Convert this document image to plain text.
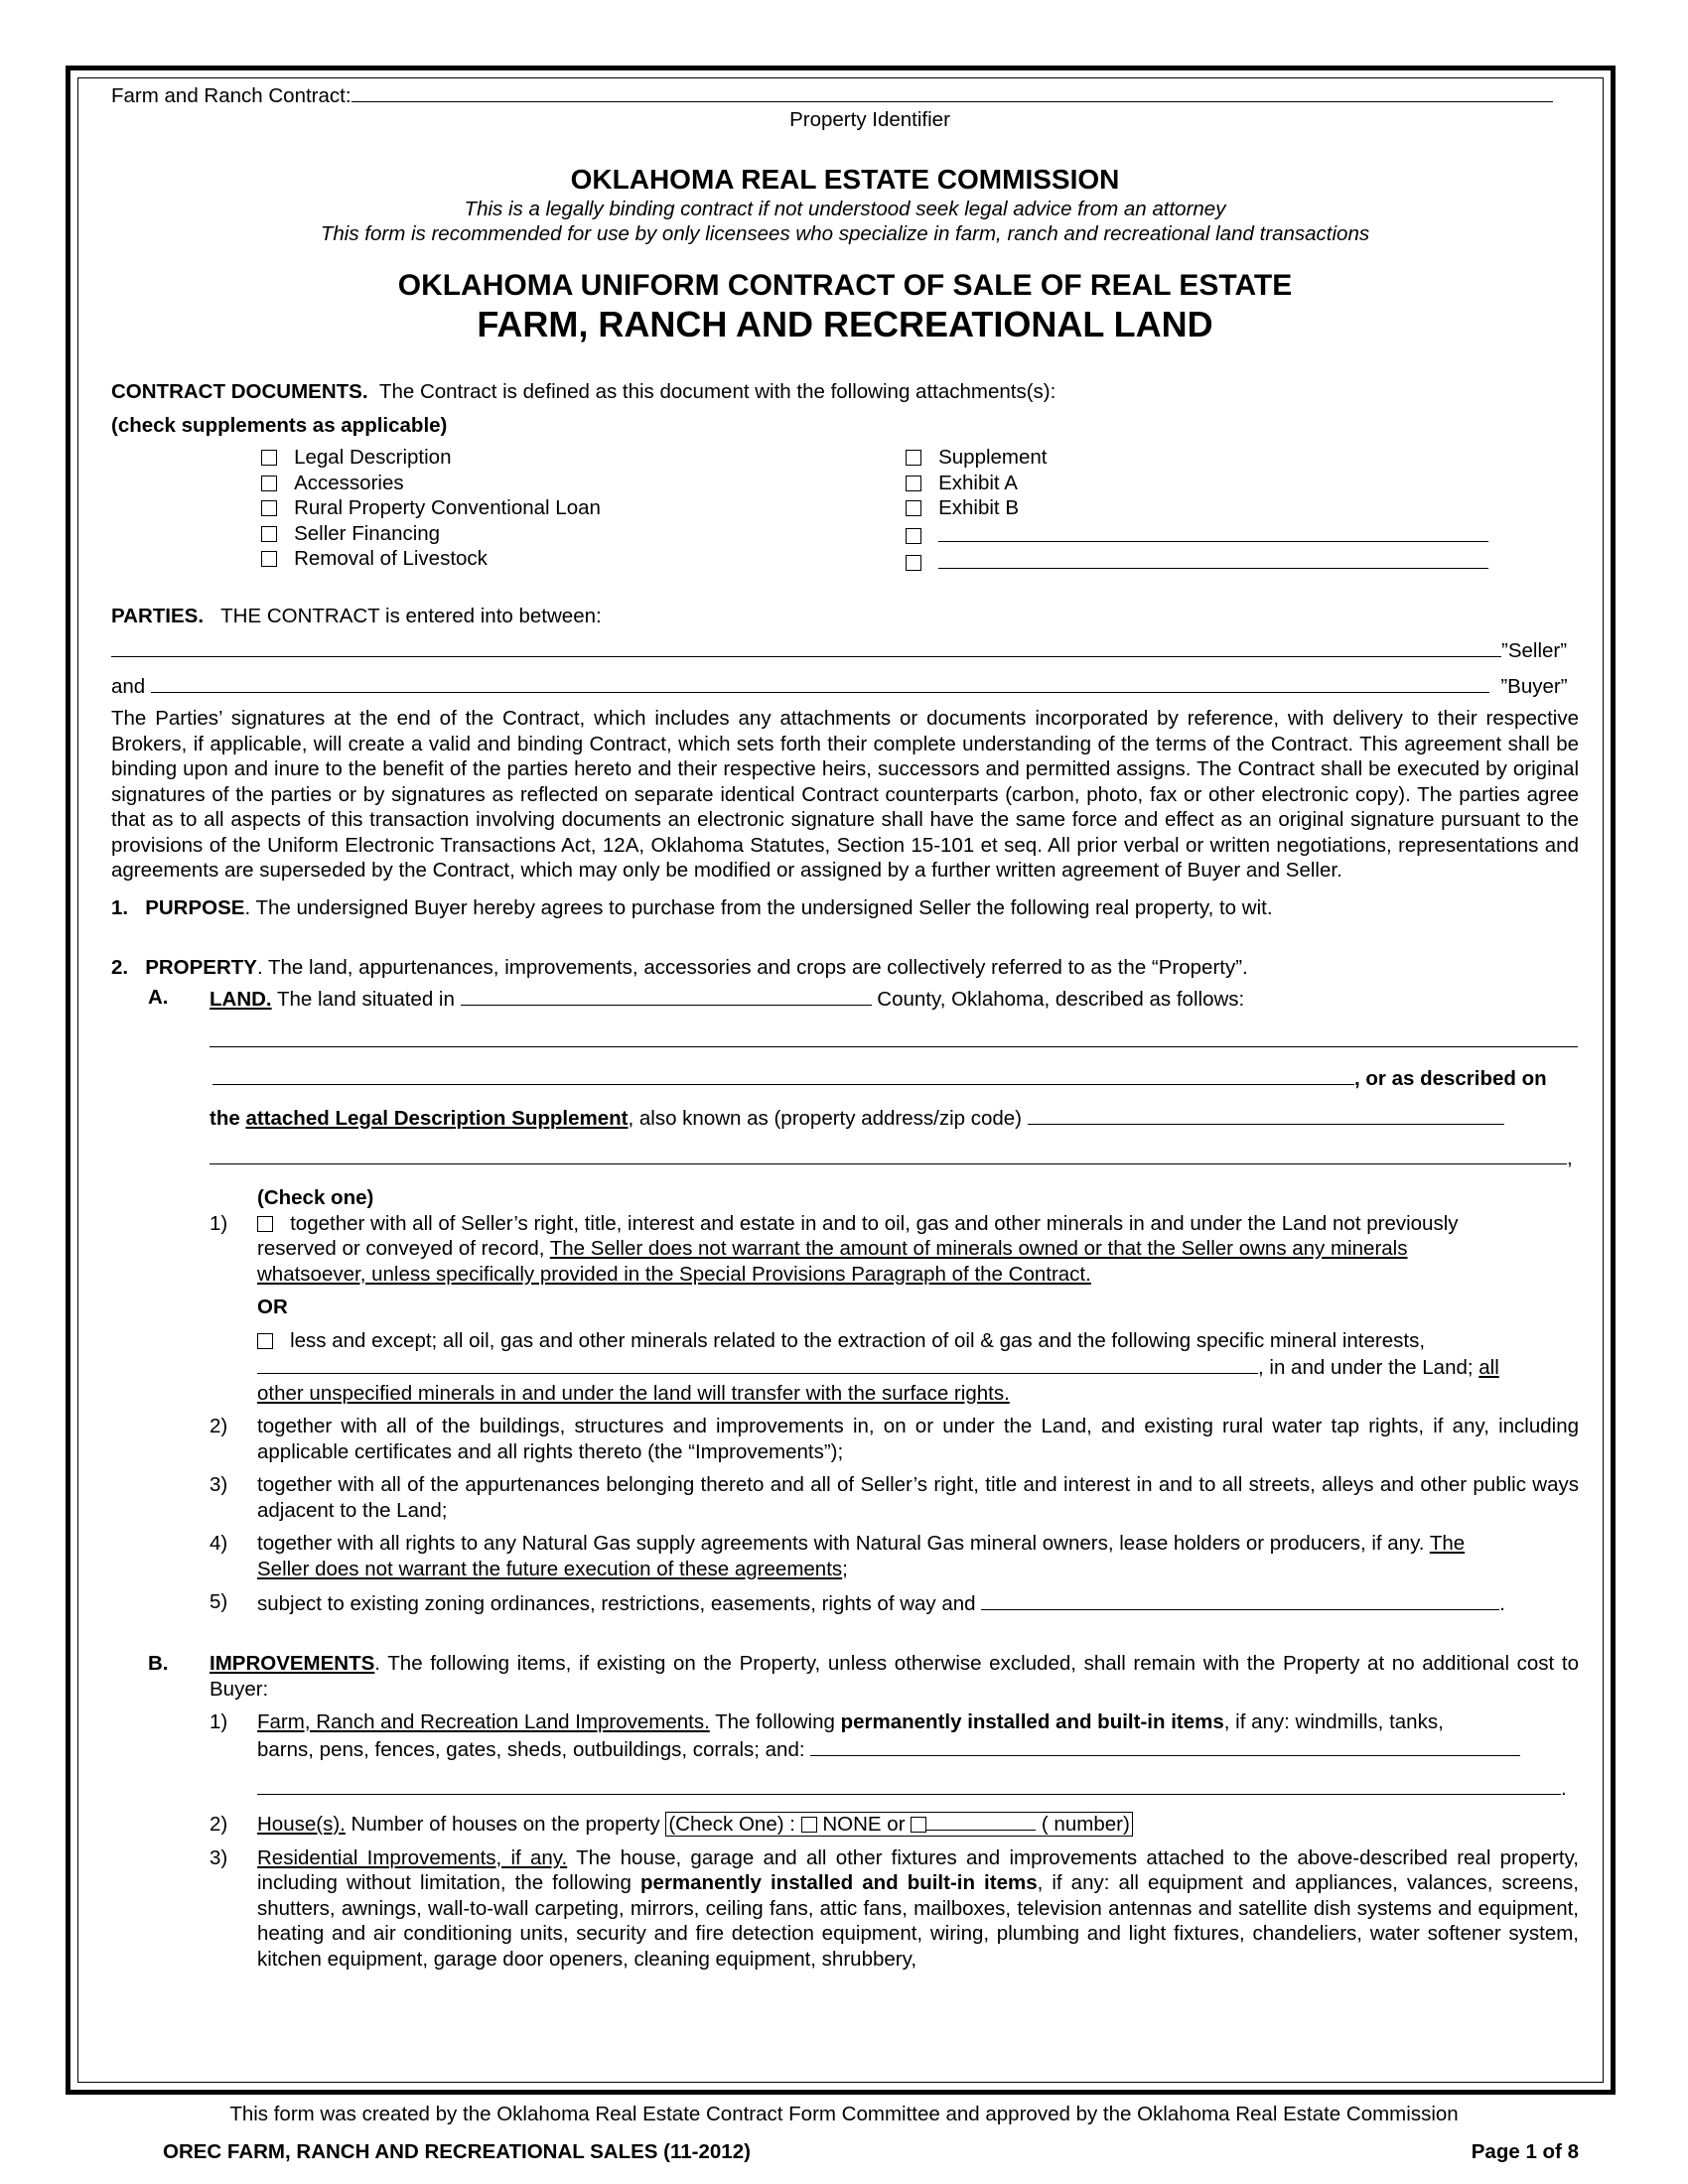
Farm and Ranch Contract:
Property Identifier
OKLAHOMA REAL ESTATE COMMISSION
This is a legally binding contract if not understood seek legal advice from an attorney
This form is recommended for use by only licensees who specialize in farm, ranch and recreational land transactions
OKLAHOMA UNIFORM CONTRACT OF SALE OF REAL ESTATE
FARM, RANCH AND RECREATIONAL LAND
CONTRACT DOCUMENTS. The Contract is defined as this document with the following attachments(s):
(check supplements as applicable)
Legal Description
Accessories
Rural Property Conventional Loan
Seller Financing
Removal of Livestock
Supplement
Exhibit A
Exhibit B

PARTIES. THE CONTRACT is entered into between:
”Seller”
and	”Buyer”
The Parties’ signatures at the end of the Contract, which includes any attachments or documents incorporated by reference, with delivery to their respective Brokers, if applicable, will create a valid and binding Contract, which sets forth their complete understanding of the terms of the Contract. This agreement shall be binding upon and inure to the benefit of the parties hereto and their respective heirs, successors and permitted assigns. The Contract shall be executed by original signatures of the parties or by signatures as reflected on separate identical Contract counterparts (carbon, photo, fax or other electronic copy). The parties agree that as to all aspects of this transaction involving documents an electronic signature shall have the same force and effect as an original signature pursuant to the provisions of the Uniform Electronic Transactions Act, 12A, Oklahoma Statutes, Section 15-101 et seq. All prior verbal or written negotiations, representations and agreements are superseded by the Contract, which may only be modified or assigned by a further written agreement of Buyer and Seller.
1. PURPOSE. The undersigned Buyer hereby agrees to purchase from the undersigned Seller the following real property, to wit.
2. PROPERTY. The land, appurtenances, improvements, accessories and crops are collectively referred to as the “Property”.
A. LAND. The land situated in	County, Oklahoma, described as follows:
, or as described on
the attached Legal Description Supplement, also known as (property address/zip code)
,
(Check one)
1)	together with all of Seller’s right, title, interest and estate in and to oil, gas and other minerals in and under the Land not previously
reserved or conveyed of record, The Seller does not warrant the amount of minerals owned or that the Seller owns any minerals
whatsoever, unless specifically provided in the Special Provisions Paragraph of the Contract.
OR
less and except; all oil, gas and other minerals related to the extraction of oil & gas and the following specific mineral interests,
, in and under the Land; all
other unspecified minerals in and under the land will transfer with the surface rights.
2)	together with all of the buildings, structures and improvements in, on or under the Land, and existing rural water tap rights, if any, including applicable certificates and all rights thereto (the “Improvements”);
3)	together with all of the appurtenances belonging thereto and all of Seller’s right, title and interest in and to all streets, alleys and other public ways adjacent to the Land;
4) together with all rights to any Natural Gas supply agreements with Natural Gas mineral owners, lease holders or producers, if any. The
Seller does not warrant the future execution of these agreements;
5)	subject to existing zoning ordinances, restrictions, easements, rights of way and	.
B.	IMPROVEMENTS. The following items, if existing on the Property, unless otherwise excluded, shall remain with the Property at no additional cost to Buyer:
1) Farm, Ranch and Recreation Land Improvements. The following permanently installed and built-in items, if any: windmills, tanks,
barns, pens, fences, gates, sheds, outbuildings, corrals; and:
.
2)	House(s). Number of houses on the property (Check One) :  NONE or	( number)
3)	Residential Improvements, if any. The house, garage and all other fixtures and improvements attached to the above-described real property, including without limitation, the following permanently installed and built-in items, if any: all equipment and appliances, valances, screens, shutters, awnings, wall-to-wall carpeting, mirrors, ceiling fans, attic fans, mailboxes, television antennas and satellite dish systems and equipment, heating and air conditioning units, security and fire detection equipment, wiring, plumbing and light fixtures, chandeliers, water softener system, kitchen equipment, garage door openers, cleaning equipment, shrubbery,
This form was created by the Oklahoma Real Estate Contract Form Committee and approved by the Oklahoma Real Estate Commission
OREC FARM, RANCH AND RECREATIONAL SALES (11-2012)	Page 1 of 8
